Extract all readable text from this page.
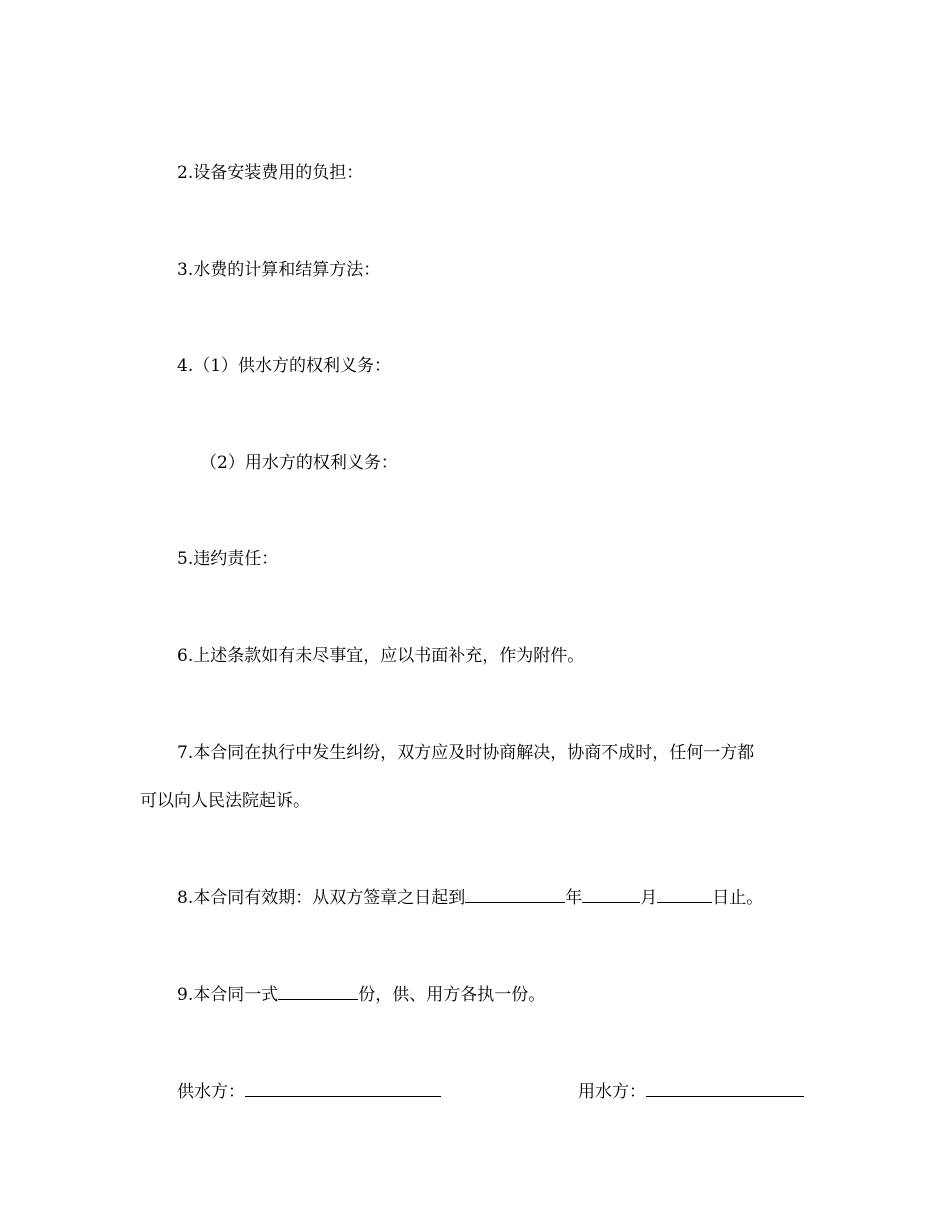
2.设备安装费用的负担：
3.水费的计算和结算方法：
4.（1）供水方的权利义务：
（2）用水方的权利义务：
5.违约责任：
6.上述条款如有未尽事宜，应以书面补充，作为附件。
7.本合同在执行中发生纠纷，双方应及时协商解决，协商不成时，任何一方都
可以向人民法院起诉。
8.本合同有效期：从双方签章之日起到	年	月	日止。
9.本合同一式	份，供、用方各执一份。
供水方：	用水方：
